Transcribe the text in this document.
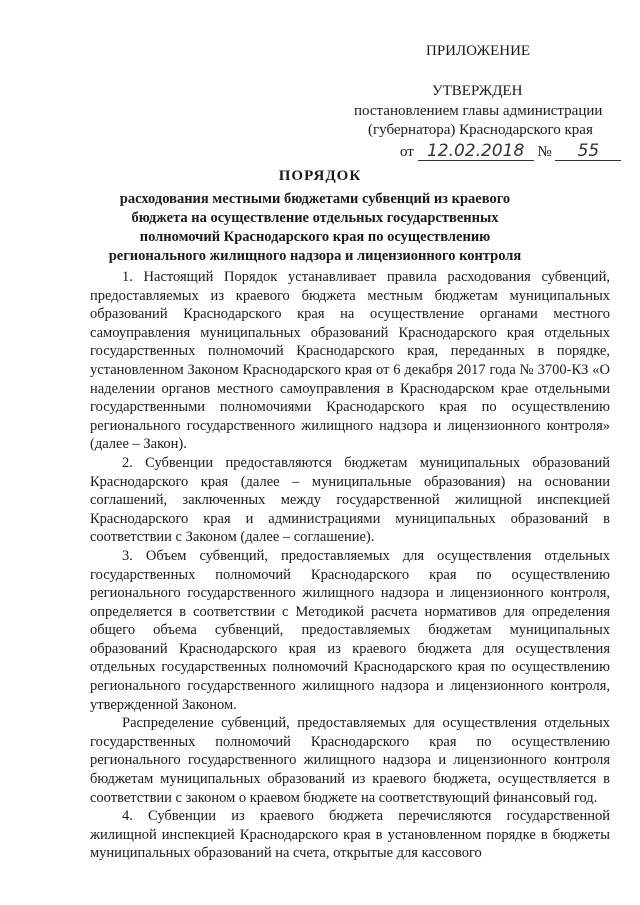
ПРИЛОЖЕНИЕ
УТВЕРЖДЕН
постановлением главы администрации
(губернатора) Краснодарского края
от 12.02.2018 № 55
ПОРЯДОК
расходования местными бюджетами субвенций из краевого бюджета на осуществление отдельных государственных полномочий Краснодарского края по осуществлению регионального жилищного надзора и лицензионного контроля

1. Настоящий Порядок устанавливает правила расходования субвенций, предоставляемых из краевого бюджета местным бюджетам муниципальных образований Краснодарского края на осуществление органами местного самоуправления муниципальных образований Краснодарского края отдельных государственных полномочий Краснодарского края, переданных в порядке, установленном Законом Краснодарского края от 6 декабря 2017 года № 3700-КЗ «О наделении органов местного самоуправления в Краснодарском крае отдельными государственными полномочиями Краснодарского края по осуществлению регионального государственного жилищного надзора и лицензионного контроля» (далее – Закон).

2. Субвенции предоставляются бюджетам муниципальных образований Краснодарского края (далее – муниципальные образования) на основании соглашений, заключенных между государственной жилищной инспекцией Краснодарского края и администрациями муниципальных образований в соответствии с Законом (далее – соглашение).

3. Объем субвенций, предоставляемых для осуществления отдельных государственных полномочий Краснодарского края по осуществлению регионального государственного жилищного надзора и лицензионного контроля, определяется в соответствии с Методикой расчета нормативов для определения общего объема субвенций, предоставляемых бюджетам муниципальных образований Краснодарского края из краевого бюджета для осуществления отдельных государственных полномочий Краснодарского края по осуществлению регионального государственного жилищного надзора и лицензионного контроля, утвержденной Законом.

Распределение субвенций, предоставляемых для осуществления отдельных государственных полномочий Краснодарского края по осуществлению регионального государственного жилищного надзора и лицензионного контроля бюджетам муниципальных образований из краевого бюджета, осуществляется в соответствии с законом о краевом бюджете на соответствующий финансовый год.

4. Субвенции из краевого бюджета перечисляются государственной жилищной инспекцией Краснодарского края в установленном порядке в бюджеты муниципальных образований на счета, открытые для кассового
